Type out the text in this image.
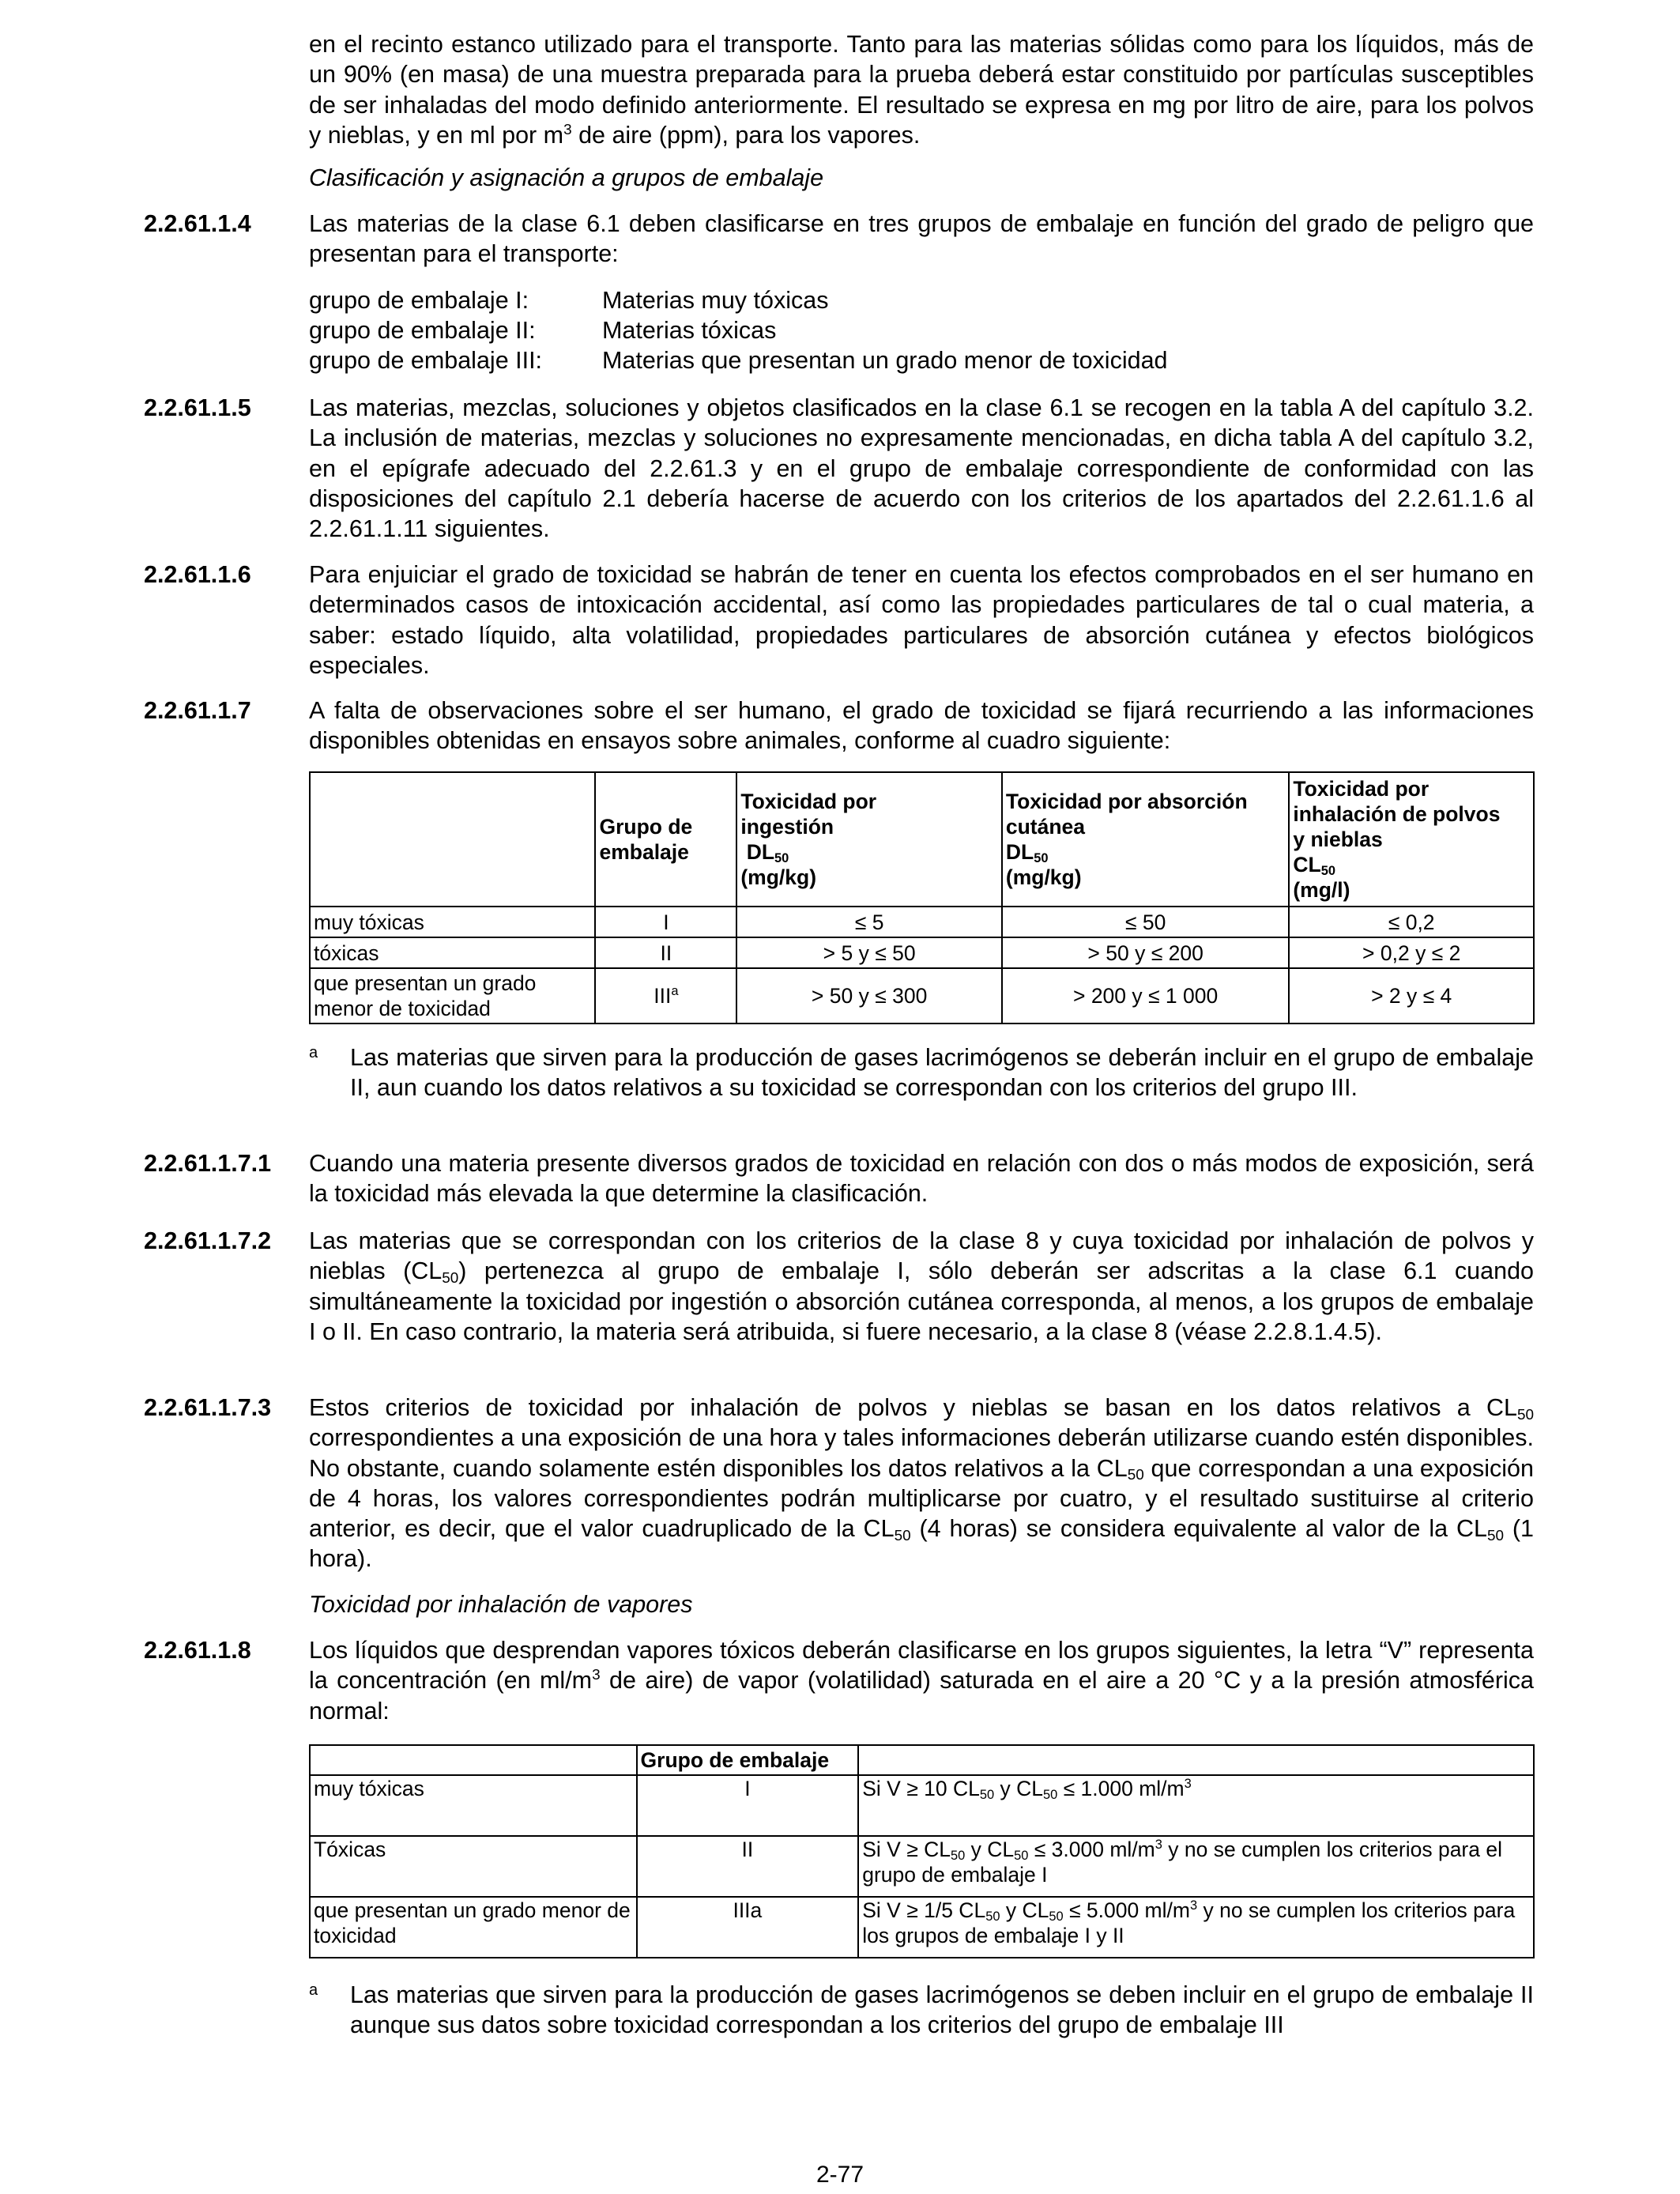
en el recinto estanco utilizado para el transporte. Tanto para las materias sólidas como para los líquidos, más de un 90% (en masa) de una muestra preparada para la prueba deberá estar constituido por partículas susceptibles de ser inhaladas del modo definido anteriormente. El resultado se expresa en mg por litro de aire, para los polvos y nieblas, y en ml por $m^3$ de aire (ppm), para los vapores.
Clasificación y asignación a grupos de embalaje
2.2.61.1.4 Las materias de la clase 6.1 deben clasificarse en tres grupos de embalaje en función del grado de peligro que presentan para el transporte:
grupo de embalaje I:	Materias muy tóxicas
grupo de embalaje II:	Materias tóxicas
grupo de embalaje III: Materias que presentan un grado menor de toxicidad
2.2.61.1.5 Las materias, mezclas, soluciones y objetos clasificados en la clase 6.1 se recogen en la tabla A del capítulo 3.2. La inclusión de materias, mezclas y soluciones no expresamente mencionadas, en dicha tabla A del capítulo 3.2, en el epígrafe adecuado del 2.2.61.3 y en el grupo de embalaje correspondiente de conformidad con las disposiciones del capítulo 2.1 debería hacerse de acuerdo con los criterios de los apartados del 2.2.61.1.6 al 2.2.61.1.11 siguientes.
2.2.61.1.6 Para enjuiciar el grado de toxicidad se habrán de tener en cuenta los efectos comprobados en el ser humano en determinados casos de intoxicación accidental, así como las propiedades particulares de tal o cual materia, a saber: estado líquido, alta volatilidad, propiedades particulares de absorción cutánea y efectos biológicos especiales.
2.2.61.1.7 A falta de observaciones sobre el ser humano, el grado de toxicidad se fijará recurriendo a las informaciones disponibles obtenidas en ensayos sobre animales, conforme al cuadro siguiente:
	Grupo de
embalaje	Toxicidad por
ingestión
$DL_{50}$
(mg/kg)	Toxicidad por absorción
cutánea
$DL_{50}$
(mg/kg)	Toxicidad por
inhalación de polvos
y nieblas
$CL_{50}$
(mg/l)
muy tóxicas	I	≤ 5	≤ 50	≤ 0,2
tóxicas	II	> 5 y ≤ 50	> 50 y ≤ 200	> 0,2 y ≤ 2
que presentan un grado menor de toxicidad	$III^a$	> 50 y ≤ 300	> 200 y ≤ 1 000	> 2 y ≤ 4
a Las materias que sirven para la producción de gases lacrimógenos se deberán incluir en el grupo de embalaje II, aun cuando los datos relativos a su toxicidad se correspondan con los criterios del grupo III.
2.2.61.1.7.1 Cuando una materia presente diversos grados de toxicidad en relación con dos o más modos de exposición, será la toxicidad más elevada la que determine la clasificación.
2.2.61.1.7.2 Las materias que se correspondan con los criterios de la clase 8 y cuya toxicidad por inhalación de polvos y nieblas $(CL_{50})$ pertenezca al grupo de embalaje I, sólo deberán ser adscritas a la clase 6.1 cuando simultáneamente la toxicidad por ingestión o absorción cutánea corresponda, al menos, a los grupos de embalaje I o II. En caso contrario, la materia será atribuida, si fuere necesario, a la clase 8 (véase 2.2.8.1.4.5).
2.2.61.1.7.3 Estos criterios de toxicidad por inhalación de polvos y nieblas se basan en los datos relativos a $CL_{50}$ correspondientes a una exposición de una hora y tales informaciones deberán utilizarse cuando estén disponibles. No obstante, cuando solamente estén disponibles los datos relativos a la $CL_{50}$ que correspondan a una exposición de 4 horas, los valores correspondientes podrán multiplicarse por cuatro, y el resultado sustituirse al criterio anterior, es decir, que el valor cuadruplicado de la $CL_{50}$ (4 horas) se considera equivalente al valor de la $CL_{50}$ (1 hora).
Toxicidad por inhalación de vapores
2.2.61.1.8 Los líquidos que desprendan vapores tóxicos deberán clasificarse en los grupos siguientes, la letra “V” representa la concentración (en $ml/m^3$ de aire) de vapor (volatilidad) saturada en el aire a 20 °C y a la presión atmosférica normal:
	Grupo de embalaje	
muy tóxicas	I	Si V ≥ 10 $CL_{50}$ y $CL_{50} \le 1.000$ $ml/m^3$
Tóxicas	II	Si $V \ge CL_{50}$ y $CL_{50} \le 3.000$ $ml/m^3$ y no se cumplen los criterios para el grupo de embalaje I
que presentan un grado menor de toxicidad	IIIa	Si V ≥ 1/5 $CL_{50}$ y $CL_{50} \le 5.000$ $ml/m^3$ y no se cumplen los criterios para los grupos de embalaje I y II
a Las materias que sirven para la producción de gases lacrimógenos se deben incluir en el grupo de embalaje II aunque sus datos sobre toxicidad correspondan a los criterios del grupo de embalaje III
2-77
